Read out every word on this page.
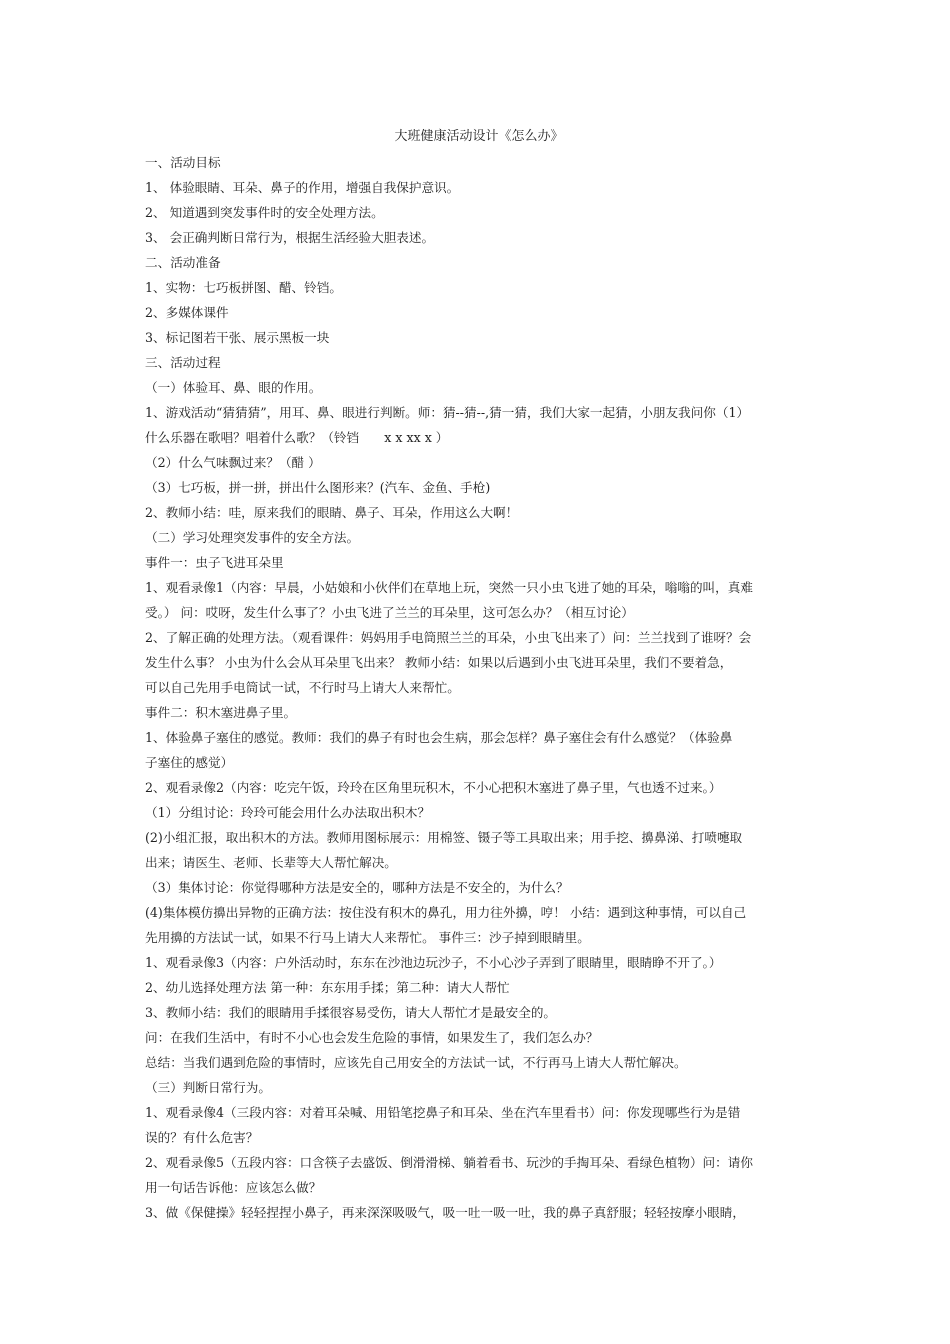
大班健康活动设计《怎么办》
一、活动目标
1、 体验眼睛、耳朵、鼻子的作用，增强自我保护意识。
2、 知道遇到突发事件时的安全处理方法。
3、 会正确判断日常行为，根据生活经验大胆表述。
二、活动准备
1、实物：七巧板拼图、醋、铃铛。
2、多媒体课件
3、标记图若干张、展示黑板一块
三、活动过程
（一）体验耳、鼻、眼的作用。
1、游戏活动“猜猜猜”，用耳、鼻、眼进行判断。师：猜--猜--,猜一猜，我们大家一起猜，小朋友我问你（1）
什么乐器在歌唱？唱着什么歌？（铃铛　　x x xx x ）
（2）什么气味飘过来？（醋 ）
（3）七巧板，拼一拼，拼出什么图形来？(汽车、金鱼、手枪)
2、教师小结：哇，原来我们的眼睛、鼻子、耳朵，作用这么大啊！
（二）学习处理突发事件的安全方法。
事件一：虫子飞进耳朵里
1、观看录像1（内容：早晨，小姑娘和小伙伴们在草地上玩，突然一只小虫飞进了她的耳朵，嗡嗡的叫，真难
受。） 问：哎呀，发生什么事了？小虫飞进了兰兰的耳朵里，这可怎么办？（相互讨论）
2、了解正确的处理方法。（观看课件：妈妈用手电筒照兰兰的耳朵，小虫飞出来了）问：兰兰找到了谁呀？会
发生什么事？ 小虫为什么会从耳朵里飞出来？ 教师小结：如果以后遇到小虫飞进耳朵里，我们不要着急，
可以自己先用手电筒试一试，不行时马上请大人来帮忙。
事件二：积木塞进鼻子里。
1、体验鼻子塞住的感觉。教师：我们的鼻子有时也会生病，那会怎样？鼻子塞住会有什么感觉？（体验鼻
子塞住的感觉）
2、观看录像2（内容：吃完午饭，玲玲在区角里玩积木，不小心把积木塞进了鼻子里，气也透不过来。）
（1）分组讨论：玲玲可能会用什么办法取出积木？
(2)小组汇报，取出积木的方法。教师用图标展示：用棉签、镊子等工具取出来；用手挖、擤鼻涕、打喷嚏取
出来；请医生、老师、长辈等大人帮忙解决。
（3）集体讨论：你觉得哪种方法是安全的，哪种方法是不安全的，为什么？
(4)集体模仿擤出异物的正确方法：按住没有积木的鼻孔，用力往外擤，哼！ 小结：遇到这种事情，可以自己
先用擤的方法试一试，如果不行马上请大人来帮忙。 事件三：沙子掉到眼睛里。
1、观看录像3（内容：户外活动时，东东在沙池边玩沙子，不小心沙子弄到了眼睛里，眼睛睁不开了。）
2、幼儿选择处理方法 第一种：东东用手揉；第二种：请大人帮忙
3、教师小结：我们的眼睛用手揉很容易受伤，请大人帮忙才是最安全的。
问：在我们生活中，有时不小心也会发生危险的事情，如果发生了，我们怎么办？
总结：当我们遇到危险的事情时，应该先自己用安全的方法试一试，不行再马上请大人帮忙解决。
（三）判断日常行为。
1、观看录像4（三段内容：对着耳朵喊、用铅笔挖鼻子和耳朵、坐在汽车里看书）问：你发现哪些行为是错
误的？有什么危害？
2、观看录像5（五段内容：口含筷子去盛饭、倒滑滑梯、躺着看书、玩沙的手掏耳朵、看绿色植物）问：请你
用一句话告诉他：应该怎么做？
3、做《保健操》轻轻捏捏小鼻子，再来深深吸吸气，吸一吐一吸一吐，我的鼻子真舒服；轻轻按摩小眼睛，
